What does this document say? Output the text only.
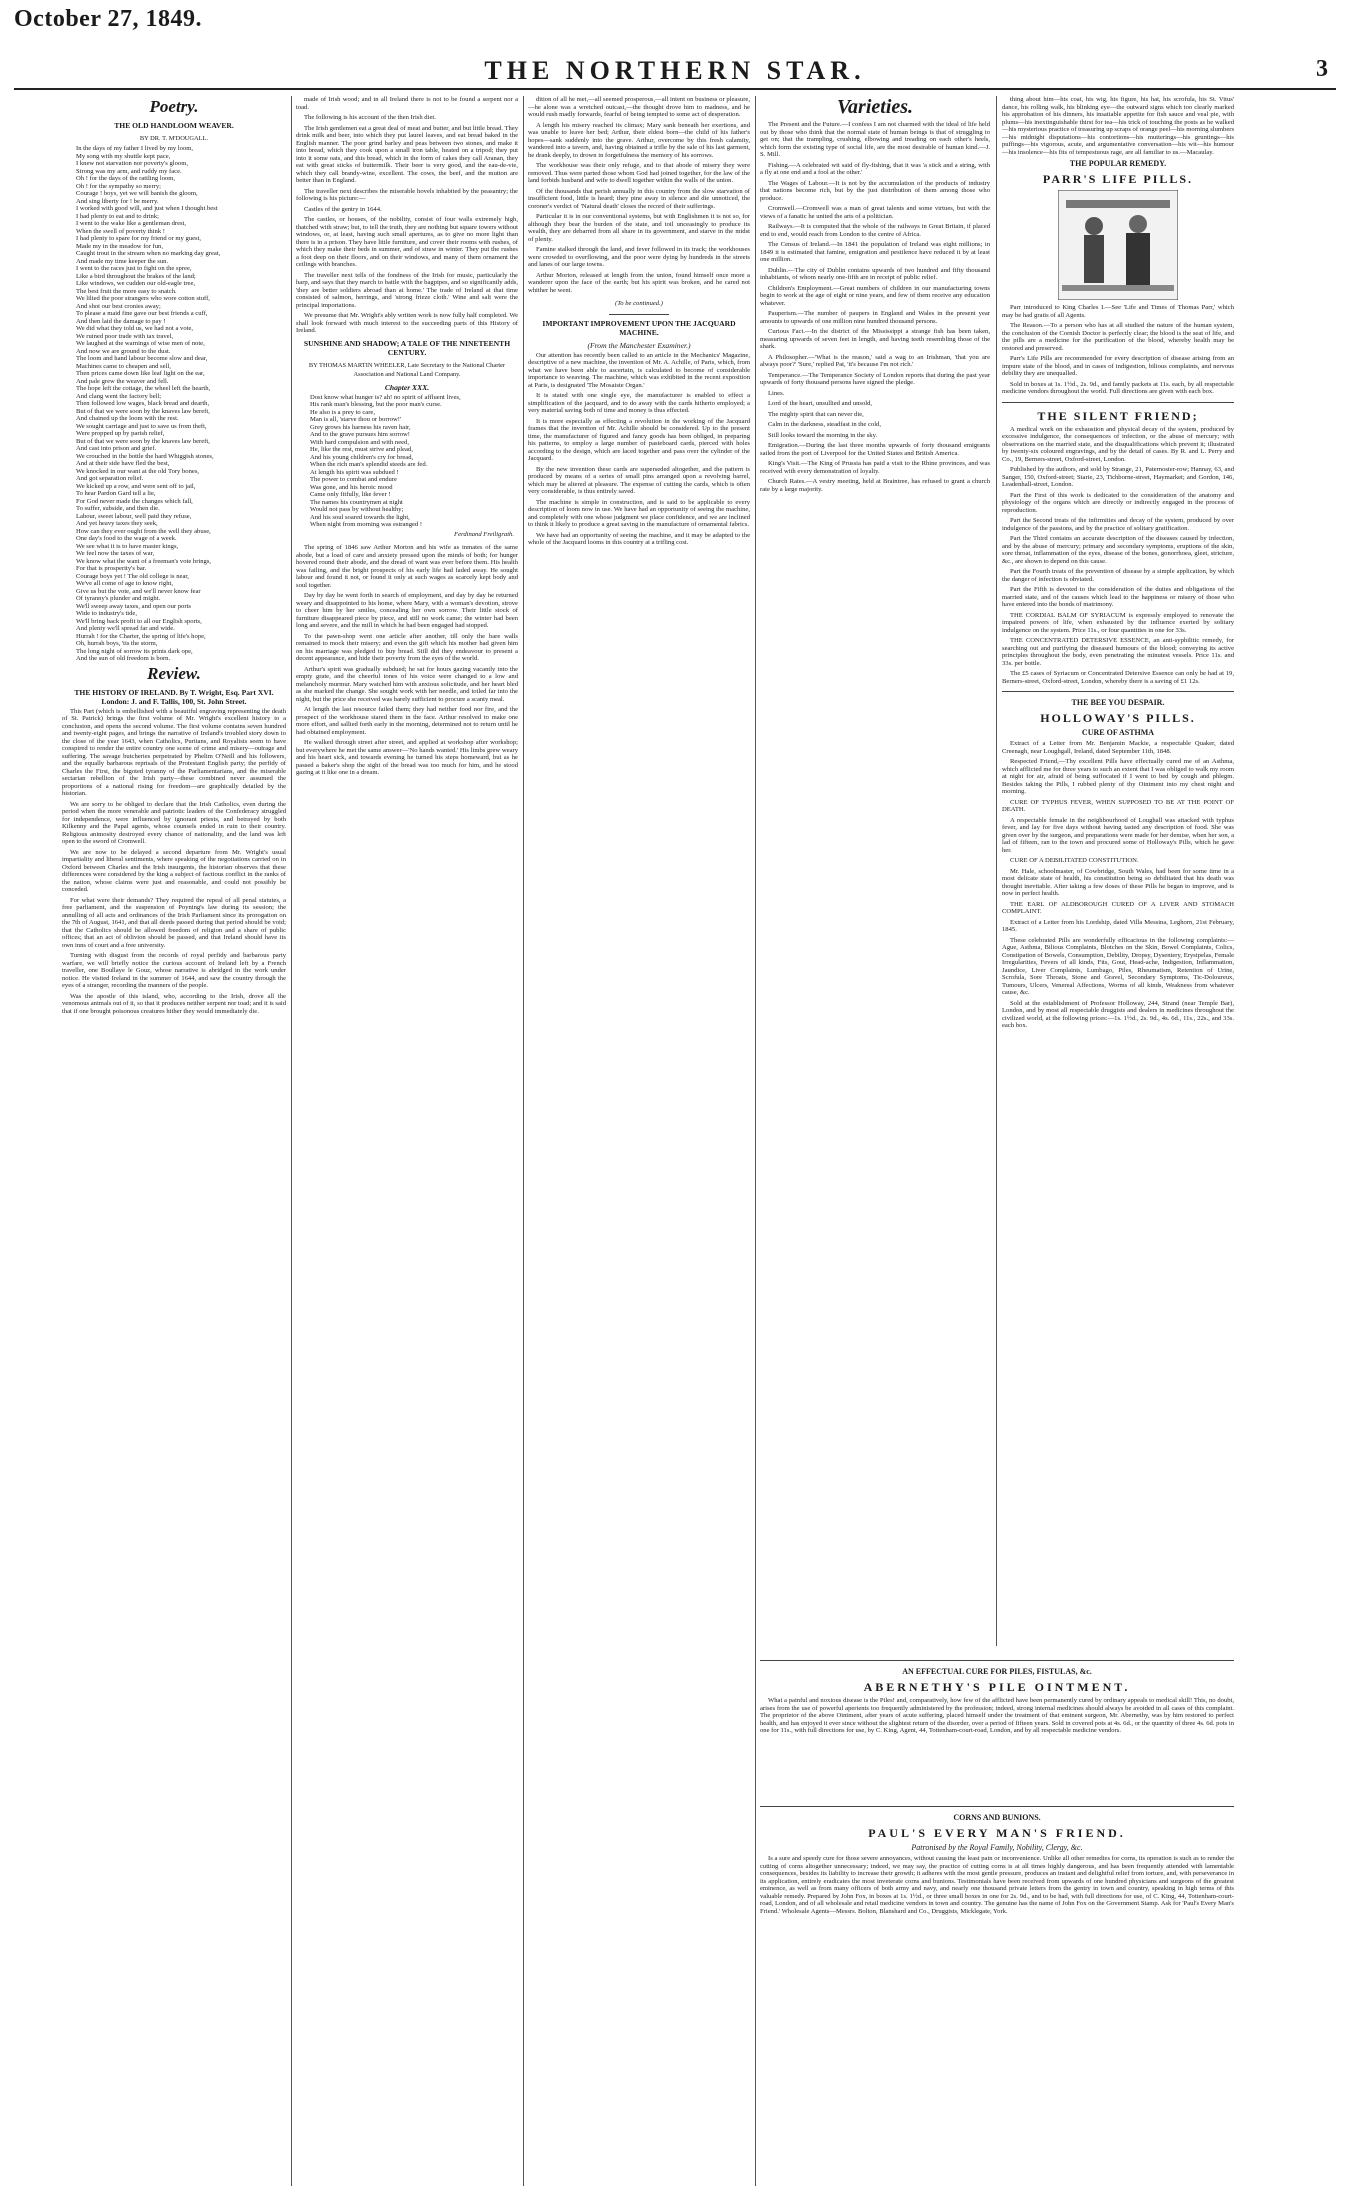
October 27, 1849.
THE NORTHERN STAR.	3
Poetry.
THE OLD HANDLOOM WEAVER.
BY DR. T. M'DOUGALL.

In the days of my father I lived by my loom,

My song with my shuttle kept pace,

I knew not starvation nor poverty's gloom,

Strong was my arm, and ruddy my face.

Oh ! for the days of the rattling loom,

Oh ! for the sympathy so merry;

Courage ! boys, yet we will banish the gloom,

And sing liberty for ! be merry.

I worked with good will, and just when I thought best

I had plenty to eat and to drink;

I went to the wake like a gentleman drest,

When the swell of poverty think !

I had plenty to spare for my friend or my guest,

Made my in the meadow for fun,

Caught trout in the stream when no marking day great,

And made my time keeper the sun.

I went to the races just to fight on the spree,

Like a bird throughout the brakes of the land;

Like windows, we cudden our old-eagle tree,

The best fruit the more easy to snatch.

We lilted the poor strangers who wore cotton stuff,

And shot our best cronies away;

To please a maid fine gave our best friends a cuff,

And then laid the damage to pay !

We did what they told us, we had not a vote,

We ruined poor trade with tax travel,

We laughed at the warnings of wise men of note,

And now we are ground to the dust.

The loom and hand labour become slow and dear,

Machines came to cheapen and sell,

Then prices came down like leaf light on the ear,

And pale grew the weaver and fell.

The hope left the cottage, the wheel left the hearth,

And clang went the factory bell;

Then followed low wages, black bread and dearth,

But of that we were soon by the knaves law bereft,

And chained up the loom with the rest.

We sought carriage and just to save us from theft,

Were propped up by parish relief,

But of that we were soon by the knaves law bereft,

And cast into prison and grief.

We crouched in the bottle the hard Whiggish stones,

And at their side have fled the best,

We knocked in our want at the old Tory bones,

And got separation relief.

We kicked up a row, and were sent off to jail,

To hear Pardon Gard tell a lie,

For God never made the changes which fall,

To suffer, subside, and then die.

Labour, sweet labour, well paid they refuse,

And yet heavy taxes they seek,

How can they ever ought from the well they abuse,

One day's food to the wage of a week.

We see what it is to have master kings,

We feel now the taxes of war,

We know what the want of a freeman's vote brings,

For that is prosperity's bar.

Courage boys yet ! The old college is near,

We've all come of age to know right,

Give us but the vote, and we'll never know fear

Of tyranny's plunder and might.

We'll sweep away taxes, and open our ports

Wide to industry's tide,

We'll bring back profit to all our English sports,

And plenty we'll spread far and wide.

Hurrah ! for the Charter, the spring of life's hope,

Oh, hurrah boys, 'tis the storm,

The long night of sorrow its prints dark ope,

And the sun of old freedom is born.

Review.
THE HISTORY OF IRELAND. By T. Wright, Esq. Part XVI. London: J. and F. Tallis, 100, St. John Street.

This Part (which is embellished with a beautiful engraving representing the death of St. Patrick) brings the first volume of Mr. Wright's excellent history to a conclusion, and opens the second volume. The first volume contains seven hundred and twenty-eight pages, and brings the narrative of Ireland's troubled story down to the close of the year 1643, when Catholics, Puritans, and Royalists seem to have conspired to render the entire country one scene of crime and misery—outrage and suffering. The savage butcheries perpetrated by Phelim O'Neill and his followers, and the equally barbarous reprisals of the Protestant English party; the perfidy of Charles the First, the bigoted tyranny of the Parliamentarians, and the miserable sectarian rebellion of the Irish party—these combined never assumed the proportions of a national rising for freedom—are graphically detailed by the historian.

We are sorry to be obliged to declare that the Irish Catholics, even during the period when the more venerable and patriotic leaders of the Confederacy struggled for independence, were influenced by ignorant priests, and betrayed by both Kilkenny and the Papal agents, whose counsels ended in ruin to their country. Religious animosity destroyed every chance of nationality, and the land was left open to the sword of Cromwell.

We are now to be delayed a second departure from Mr. Wright's usual impartiality and liberal sentiments, where speaking of the negotiations carried on in Oxford between Charles and the Irish insurgents, the historian observes that these differences were considered by the king a subject of factious conflict in the ranks of the nation, whose claims were just and reasonable, and could not possibly be conceded.

For what were their demands? They required the repeal of all penal statutes, a free parliament, and the suspension of Poyning's law during its session; the annulling of all acts and ordinances of the Irish Parliament since its prorogation on the 7th of August, 1641, and that all deeds passed during that period should be void; that the Catholics should be allowed freedom of religion and a share of public offices; that an act of oblivion should be passed, and that Ireland should have its own inns of court and a free university.

Turning with disgust from the records of royal perfidy and barbarous party warfare, we will briefly notice the curious account of Ireland left by a French traveller, one Boullaye le Gouz, whose narrative is abridged in the work under notice. He visited Ireland in the summer of 1644, and saw the country through the eyes of a stranger, recording the manners of the people.

Was the apostle of this island, who, according to the Irish, drove all the venomous animals out of it, so that it produces neither serpent nor toad; and it is said that if one brought poisonous creatures hither they would immediately die.

made of Irish wood; and in all Ireland there is not to be found a serpent nor a toad.

The following is his account of the then Irish diet.

The Irish gentlemen eat a great deal of meat and butter, and but little bread. They drink milk and beer, into which they put laurel leaves, and eat bread baked in the English manner. The poor grind barley and peas between two stones, and make it into bread, which they cook upon a small iron table, heated on a tripod; they put into it some oats, and this bread, which in the form of cakes they call Aranan, they eat with great sticks of buttermilk. Their beer is very good, and the eau-de-vie, which they call brandy-wine, excellent. The cows, the beef, and the mutton are better than in England.

The traveller next describes the miserable hovels inhabited by the peasantry; the following is his picture:—

Castles of the gentry in 1644.

The castles, or houses, of the nobility, consist of four walls extremely high, thatched with straw; but, to tell the truth, they are nothing but square towers without windows, or, at least, having such small apertures, as to give no more light than there is in a prison. They have little furniture, and cover their rooms with rushes, of which they make their beds in summer, and of straw in winter. They put the rushes a foot deep on their floors, and on their windows, and many of them ornament the ceilings with branches.

The traveller next tells of the fondness of the Irish for music, particularly the harp, and says that they march to battle with the bagpipes, and so significantly adds, 'they are better soldiers abroad than at home.' The trade of Ireland at that time consisted of salmon, herrings, and 'strong frieze cloth.' Wine and salt were the principal importations.

We presume that Mr. Wright's ably written work is now fully half completed. We shall look forward with much interest to the succeeding parts of this History of Ireland.

SUNSHINE AND SHADOW; A TALE OF THE NINETEENTH CENTURY.
BY THOMAS MARTIN WHEELER, Late Secretary to the National Charter Association and National Land Company.
Chapter XXX.

Dost know what hunger is? ah! no spirit of affluent lives,

His rank man's blessing, but the poor man's curse.

He also is a prey to care,

Man is all, 'starve thou or borrow!'

Grey grows his harness his raven hair,

And to the grave pursues him sorrow!

With hard compulsion and with need,

He, like the rest, must strive and plead,

And his young children's cry for bread,

When the rich man's splendid steeds are fed.

At length his spirit was subdued !

The power to combat and endure

Was gone, and his heroic mood

Came only fitfully, like fever !

The names his countrymen at night

Would not pass by without healthy;

And his soul soared towards the light,

When night from morning was estranged !

Ferdinand Freiligrath.

The spring of 1846 saw Arthur Morton and his wife as inmates of the same abode, but a load of care and anxiety pressed upon the minds of both; for hunger hovered round their abode, and the dread of want was ever before them. His health was failing, and the bright prospects of his early life had faded away. He sought labour and found it not, or found it only at such wages as scarcely kept body and soul together.

Day by day he went forth in search of employment, and day by day he returned weary and disappointed to his home, where Mary, with a woman's devotion, strove to cheer him by her smiles, concealing her own sorrow. Their little stock of furniture disappeared piece by piece, and still no work came; the winter had been long and severe, and the mill in which he had been engaged had stopped.

To the pawn-shop went one article after another, till only the bare walls remained to mock their misery; and even the gift which his mother had given him on his marriage was pledged to buy bread. Still did they endeavour to present a decent appearance, and hide their poverty from the eyes of the world.

Arthur's spirit was gradually subdued; he sat for hours gazing vacantly into the empty grate, and the cheerful tones of his voice were changed to a low and melancholy murmur. Mary watched him with anxious solicitude, and her heart bled as she marked the change. She sought work with her needle, and toiled far into the night, but the price she received was barely sufficient to procure a scanty meal.

At length the last resource failed them; they had neither food nor fire, and the prospect of the workhouse stared them in the face. Arthur resolved to make one more effort, and sallied forth early in the morning, determined not to return until he had obtained employment.

He walked through street after street, and applied at workshop after workshop; but everywhere he met the same answer—'No hands wanted.' His limbs grew weary and his heart sick, and towards evening he turned his steps homeward, but as he passed a baker's shop the sight of the bread was too much for him, and he stood gazing at it like one in a dream.

dition of all he met,—all seemed prosperous,—all intent on business or pleasure,—he alone was a wretched outcast,—the thought drove him to madness, and he would rush madly forwards, fearful of being tempted to some act of desperation.

A length his misery reached its climax; Mary sank beneath her exertions, and was unable to leave her bed; Arthur, their eldest born—the child of his father's hopes—sank suddenly into the grave. Arthur, overcome by this fresh calamity, wandered into a tavern, and, having obtained a trifle by the sale of his last garment, he drank deeply, to drown in forgetfulness the memory of his sorrows.

The workhouse was their only refuge, and to that abode of misery they were removed. Thus were parted those whom God had joined together, for the law of the land forbids husband and wife to dwell together within the walls of the union.

Of the thousands that perish annually in this country from the slow starvation of insufficient food, little is heard; they pine away in silence and die unnoticed, the coroner's verdict of 'Natural death' closes the record of their sufferings.

Particular it is in our conventional systems, but with Englishmen it is not so, for although they bear the burden of the state, and toil unceasingly to produce its wealth, they are debarred from all share in its government, and starve in the midst of plenty.

Famine stalked through the land, and fever followed in its track; the workhouses were crowded to overflowing, and the poor were dying by hundreds in the streets and lanes of our large towns.

Arthur Morton, released at length from the union, found himself once more a wanderer upon the face of the earth; but his spirit was broken, and he cared not whither he went.

(To be continued.)
IMPORTANT IMPROVEMENT UPON THE JACQUARD MACHINE.
(From the Manchester Examiner.)

Our attention has recently been called to an article in the Mechanics' Magazine, descriptive of a new machine, the invention of Mr. A. Achille, of Paris, which, from what we have been able to ascertain, is calculated to become of considerable importance to weaving. The machine, which was exhibited in the recent exposition at Paris, is designated 'The Mosaiste Organ.'

It is stated with one single eye, the manufacturer is enabled to effect a simplification of the jacquard, and to do away with the cards hitherto employed; a very material saving both of time and money is thus effected.

It is more especially as effecting a revolution in the working of the Jacquard frames that the invention of Mr. Achille should be considered. Up to the present time, the manufacturer of figured and fancy goods has been obliged, in preparing his patterns, to employ a large number of pasteboard cards, pierced with holes according to the design, which are laced together and pass over the cylinder of the Jacquard.

By the new invention these cards are superseded altogether, and the pattern is produced by means of a series of small pins arranged upon a revolving barrel, which may be altered at pleasure. The expense of cutting the cards, which is often very considerable, is thus entirely saved.

The machine is simple in construction, and is said to be applicable to every description of loom now in use. We have had an opportunity of seeing the machine, and completely with one whose judgment we place confidence, and we are inclined to think it likely to produce a great saving in the manufacture of ornamental fabrics.

We have had an opportunity of seeing the machine, and it may be adapted to the whole of the Jacquard looms in this country at a trifling cost.

Varieties.

The Present and the Future.—I confess I am not charmed with the ideal of life held out by those who think that the normal state of human beings is that of struggling to get on; that the trampling, crushing, elbowing and treading on each other's heels, which form the existing type of social life, are the most desirable of human kind.—J. S. Mill.

Fishing.—A celebrated wit said of fly-fishing, that it was 'a stick and a string, with a fly at one end and a fool at the other.'

The Wages of Labour.—It is not by the accumulation of the products of industry that nations become rich, but by the just distribution of them among those who produce.

Cromwell.—Cromwell was a man of great talents and some virtues, but with the views of a fanatic he united the arts of a politician.

Railways.—It is computed that the whole of the railways in Great Britain, if placed end to end, would reach from London to the centre of Africa.

The Census of Ireland.—In 1841 the population of Ireland was eight millions; in 1849 it is estimated that famine, emigration and pestilence have reduced it by at least one million.

Dublin.—The city of Dublin contains upwards of two hundred and fifty thousand inhabitants, of whom nearly one-fifth are in receipt of public relief.

Children's Employment.—Great numbers of children in our manufacturing towns begin to work at the age of eight or nine years, and few of them receive any education whatever.

Pauperism.—The number of paupers in England and Wales in the present year amounts to upwards of one million nine hundred thousand persons.

Curious Fact.—In the district of the Mississippi a strange fish has been taken, measuring upwards of seven feet in length, and having teeth resembling those of the shark.

A Philosopher.—'What is the reason,' said a wag to an Irishman, 'that you are always poor?' 'Sure,' replied Pat, 'it's because I'm not rich.'

Temperance.—The Temperance Society of London reports that during the past year upwards of forty thousand persons have signed the pledge.

Lines.

Lord of the heart, unsullied and unsold,

The mighty spirit that can never die,

Calm in the darkness, steadfast in the cold,

Still looks toward the morning in the sky.

Emigration.—During the last three months upwards of forty thousand emigrants sailed from the port of Liverpool for the United States and British America.

King's Visit.—The King of Prussia has paid a visit to the Rhine provinces, and was received with every demonstration of loyalty.

Church Rates.—A vestry meeting, held at Braintree, has refused to grant a church rate by a large majority.

thing about him—his coat, his wig, his figure, his hat, his scrofula, his St. Vitus' dance, his rolling walk, his blinking eye—the outward signs which too clearly marked his approbation of his dinners, his insatiable appetite for fish sauce and veal pie, with plums—his inextinguishable thirst for tea—his trick of touching the posts as he walked—his mysterious practice of treasuring up scraps of orange peel—his morning slumbers—his midnight disputations—his contortions—his mutterings—his gruntings—his puffings—his vigorous, acute, and argumentative conversation—his wit—his humour—his insolence—his fits of tempestuous rage, are all familiar to us.—Macaulay.

THE POPULAR REMEDY.
PARR'S LIFE PILLS.

Parr introduced to King Charles I.—See 'Life and Times of Thomas Parr,' which may be had gratis of all Agents.

The Reason.—To a person who has at all studied the nature of the human system, the conclusion of the Cornish Doctor is perfectly clear; the blood is the seat of life, and the pills are a medicine for the purification of the blood, whereby health may be restored and preserved.

Parr's Life Pills are recommended for every description of disease arising from an impure state of the blood, and in cases of indigestion, bilious complaints, and nervous debility they are unequalled.

Sold in boxes at 1s. 1½d., 2s. 9d., and family packets at 11s. each, by all respectable medicine vendors throughout the world. Full directions are given with each box.

THE SILENT FRIEND;

A medical work on the exhaustion and physical decay of the system, produced by excessive indulgence, the consequences of infection, or the abuse of mercury; with observations on the married state, and the disqualifications which prevent it; illustrated by twenty-six coloured engravings, and by the detail of cases. By R. and L. Perry and Co., 19, Berners-street, Oxford-street, London.

Published by the authors, and sold by Strange, 21, Paternoster-row; Hannay, 63, and Sanger, 150, Oxford-street; Starie, 23, Tichborne-street, Haymarket; and Gordon, 146, Leadenhall-street, London.

Part the First of this work is dedicated to the consideration of the anatomy and physiology of the organs which are directly or indirectly engaged in the process of reproduction.

Part the Second treats of the infirmities and decay of the system, produced by over indulgence of the passions, and by the practice of solitary gratification.

Part the Third contains an accurate description of the diseases caused by infection, and by the abuse of mercury; primary and secondary symptoms, eruptions of the skin, sore throat, inflammation of the eyes, disease of the bones, gonorrhoea, gleet, stricture, &c., are shown to depend on this cause.

Part the Fourth treats of the prevention of disease by a simple application, by which the danger of infection is obviated.

Part the Fifth is devoted to the consideration of the duties and obligations of the married state, and of the causes which lead to the happiness or misery of those who have entered into the bonds of matrimony.

THE CORDIAL BALM OF SYRIACUM is expressly employed to renovate the impaired powers of life, when exhausted by the influence exerted by solitary indulgence on the system. Price 11s., or four quantities in one for 33s.

THE CONCENTRATED DETERSIVE ESSENCE, an anti-syphilitic remedy, for searching out and purifying the diseased humours of the blood; conveying its active principles throughout the body, even penetrating the minutest vessels. Price 11s. and 33s. per bottle.

The £5 cases of Syriacum or Concentrated Detersive Essence can only be had at 19, Berners-street, Oxford-street, London, whereby there is a saving of £1 12s.

THE BEE YOU DESPAIR.
HOLLOWAY'S PILLS.
CURE OF ASTHMA

Extract of a Letter from Mr. Benjamin Mackie, a respectable Quaker, dated Creenagh, near Loughgall, Ireland, dated September 11th, 1848.

Respected Friend,—Thy excellent Pills have effectually cured me of an Asthma, which afflicted me for three years to such an extent that I was obliged to walk my room at night for air, afraid of being suffocated if I went to bed by cough and phlegm. Besides taking the Pills, I rubbed plenty of thy Ointment into my chest night and morning.

CURE OF TYPHUS FEVER, WHEN SUPPOSED TO BE AT THE POINT OF DEATH.

A respectable female in the neighbourhood of Loughall was attacked with typhus fever, and lay for five days without having tasted any description of food. She was given over by the surgeon, and preparations were made for her demise, when her son, a lad of fifteen, ran to the town and procured some of Holloway's Pills, which he gave her.

CURE OF A DEBILITATED CONSTITUTION.

Mr. Hale, schoolmaster, of Cowbridge, South Wales, had been for some time in a most delicate state of health, his constitution being so debilitated that his death was thought inevitable. After taking a few doses of these Pills he began to improve, and is now in perfect health.

THE EARL OF ALDBOROUGH CURED OF A LIVER AND STOMACH COMPLAINT.

Extract of a Letter from his Lordship, dated Villa Messina, Leghorn, 21st February, 1845.

These celebrated Pills are wonderfully efficacious in the following complaints:—Ague, Asthma, Bilious Complaints, Blotches on the Skin, Bowel Complaints, Colics, Constipation of Bowels, Consumption, Debility, Dropsy, Dysentery, Erysipelas, Female Irregularities, Fevers of all kinds, Fits, Gout, Head-ache, Indigestion, Inflammation, Jaundice, Liver Complaints, Lumbago, Piles, Rheumatism, Retention of Urine, Scrofula, Sore Throats, Stone and Gravel, Secondary Symptoms, Tic-Doloureux, Tumours, Ulcers, Venereal Affections, Worms of all kinds, Weakness from whatever cause, &c.

Sold at the establishment of Professor Holloway, 244, Strand (near Temple Bar), London, and by most all respectable druggists and dealers in medicines throughout the civilized world, at the following prices:—1s. 1½d., 2s. 9d., 4s. 6d., 11s., 22s., and 33s. each box.

AN EFFECTUAL CURE FOR PILES, FISTULAS, &c.
ABERNETHY'S PILE OINTMENT.

What a painful and noxious disease is the Piles! and, comparatively, how few of the afflicted have been permanently cured by ordinary appeals to medical skill! This, no doubt, arises from the use of powerful aperients too frequently administered by the profession; indeed, strong internal medicines should always be avoided in all cases of this complaint. The proprietor of the above Ointment, after years of acute suffering, placed himself under the treatment of that eminent surgeon, Mr. Abernethy, was by him restored to perfect health, and has enjoyed it ever since without the slightest return of the disorder, over a period of fifteen years. Sold in covered pots at 4s. 6d., or the quantity of three 4s. 6d. pots in one for 11s., with full directions for use, by C. King, Agent, 44, Tottenham-court-road, London, and by all respectable medicine vendors.

CORNS AND BUNIONS.
PAUL'S EVERY MAN'S FRIEND.
Patronised by the Royal Family, Nobility, Clergy, &c.

Is a sure and speedy cure for those severe annoyances, without causing the least pain or inconvenience. Unlike all other remedies for corns, its operation is such as to render the cutting of corns altogether unnecessary; indeed, we may say, the practice of cutting corns is at all times highly dangerous, and has been frequently attended with lamentable consequences, besides its liability to increase their growth; it adheres with the most gentle pressure, produces an instant and delightful relief from torture, and, with perseverance in its application, entirely eradicates the most inveterate corns and bunions. Testimonials have been received from upwards of one hundred physicians and surgeons of the greatest eminence, as well as from many officers of both army and navy, and nearly one thousand private letters from the gentry in town and country, speaking in high terms of this valuable remedy. Prepared by John Fox, in boxes at 1s. 1½d., or three small boxes in one for 2s. 9d., and to be had, with full directions for use, of C. King, 44, Tottenham-court-road, London, and of all wholesale and retail medicine vendors in town and country. The genuine has the name of John Fox on the Government Stamp. Ask for 'Paul's Every Man's Friend.' Wholesale Agents—Messrs. Bolton, Blanshard and Co., Druggists, Micklegate, York.
